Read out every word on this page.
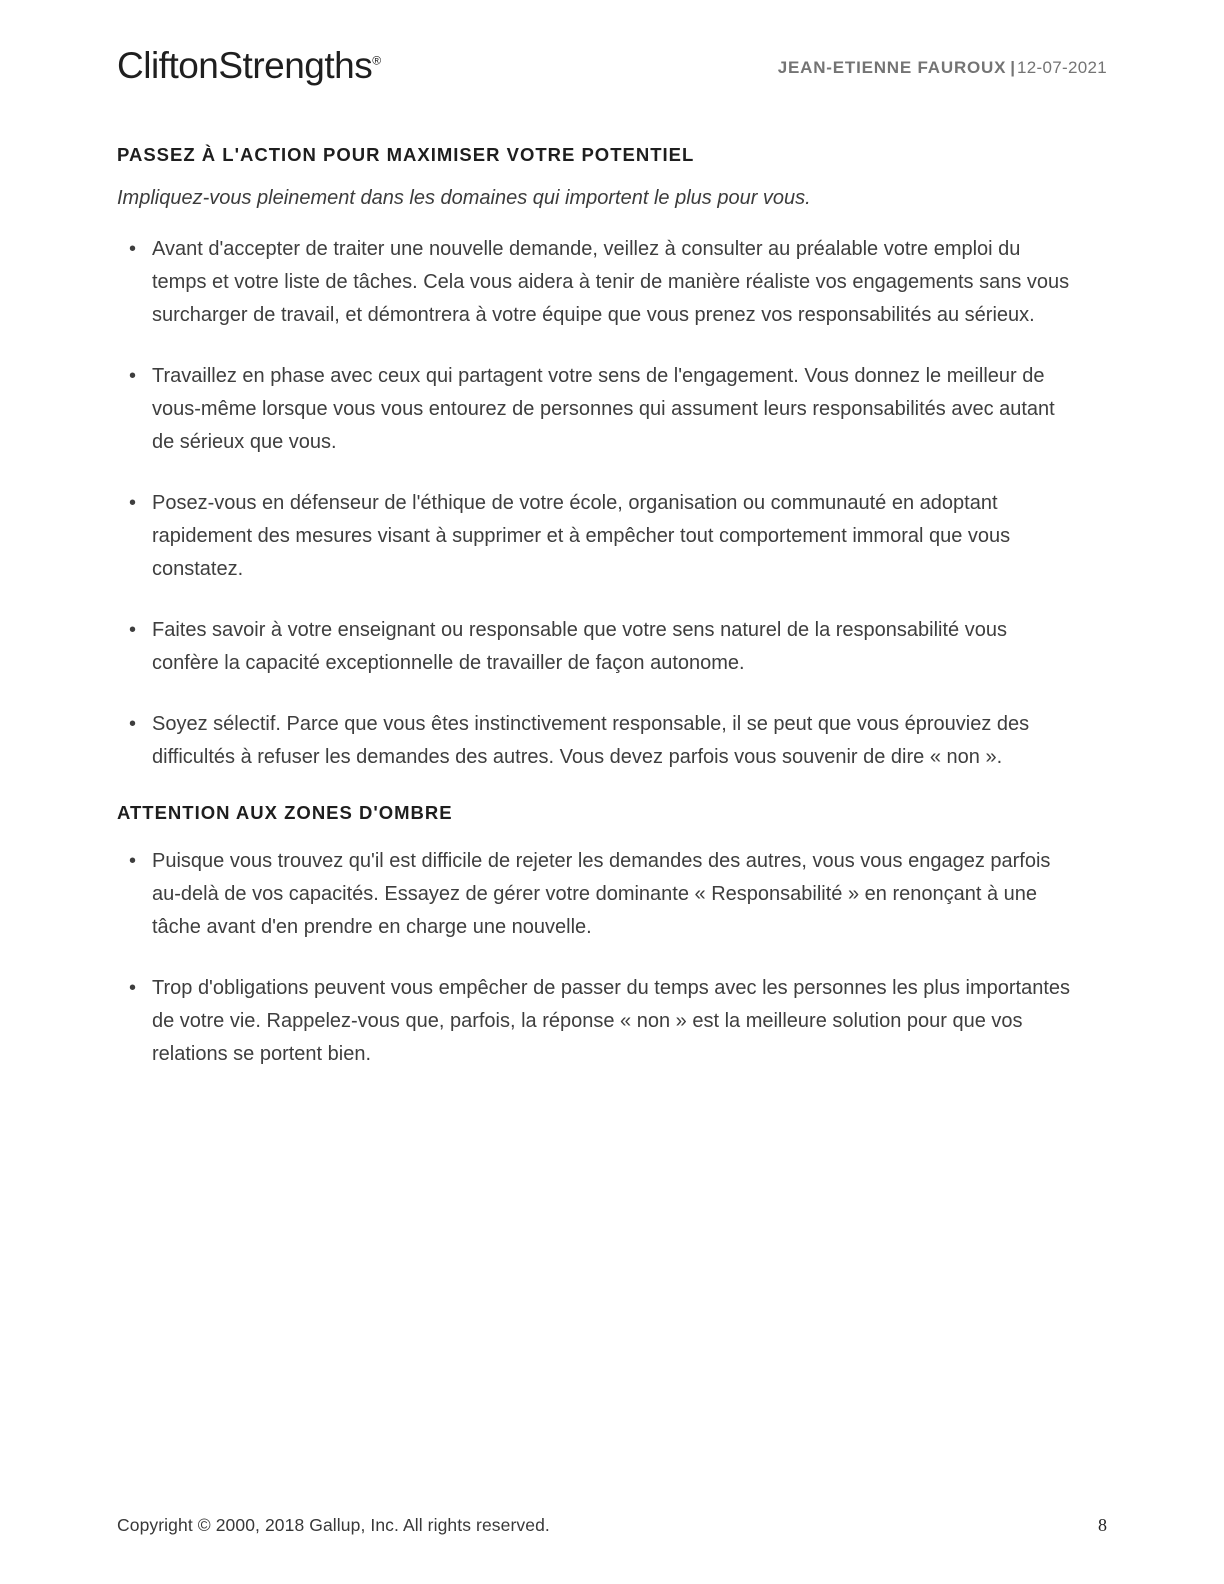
CliftonStrengths®	JEAN-ETIENNE FAUROUX | 12-07-2021
PASSEZ À L'ACTION POUR MAXIMISER VOTRE POTENTIEL

Impliquez-vous pleinement dans les domaines qui importent le plus pour vous.

• Avant d'accepter de traiter une nouvelle demande, veillez à consulter au préalable votre emploi du temps et votre liste de tâches. Cela vous aidera à tenir de manière réaliste vos engagements sans vous surcharger de travail, et démontrera à votre équipe que vous prenez vos responsabilités au sérieux.
• Travaillez en phase avec ceux qui partagent votre sens de l'engagement. Vous donnez le meilleur de vous-même lorsque vous vous entourez de personnes qui assument leurs responsabilités avec autant de sérieux que vous.
• Posez-vous en défenseur de l'éthique de votre école, organisation ou communauté en adoptant rapidement des mesures visant à supprimer et à empêcher tout comportement immoral que vous constatez.
• Faites savoir à votre enseignant ou responsable que votre sens naturel de la responsabilité vous confère la capacité exceptionnelle de travailler de façon autonome.
• Soyez sélectif. Parce que vous êtes instinctivement responsable, il se peut que vous éprouviez des difficultés à refuser les demandes des autres. Vous devez parfois vous souvenir de dire « non ».
ATTENTION AUX ZONES D'OMBRE
• Puisque vous trouvez qu'il est difficile de rejeter les demandes des autres, vous vous engagez parfois au-delà de vos capacités. Essayez de gérer votre dominante « Responsabilité » en renonçant à une tâche avant d'en prendre en charge une nouvelle.
• Trop d'obligations peuvent vous empêcher de passer du temps avec les personnes les plus importantes de votre vie. Rappelez-vous que, parfois, la réponse « non » est la meilleure solution pour que vos relations se portent bien.
Copyright © 2000, 2018 Gallup, Inc. All rights reserved.	8
